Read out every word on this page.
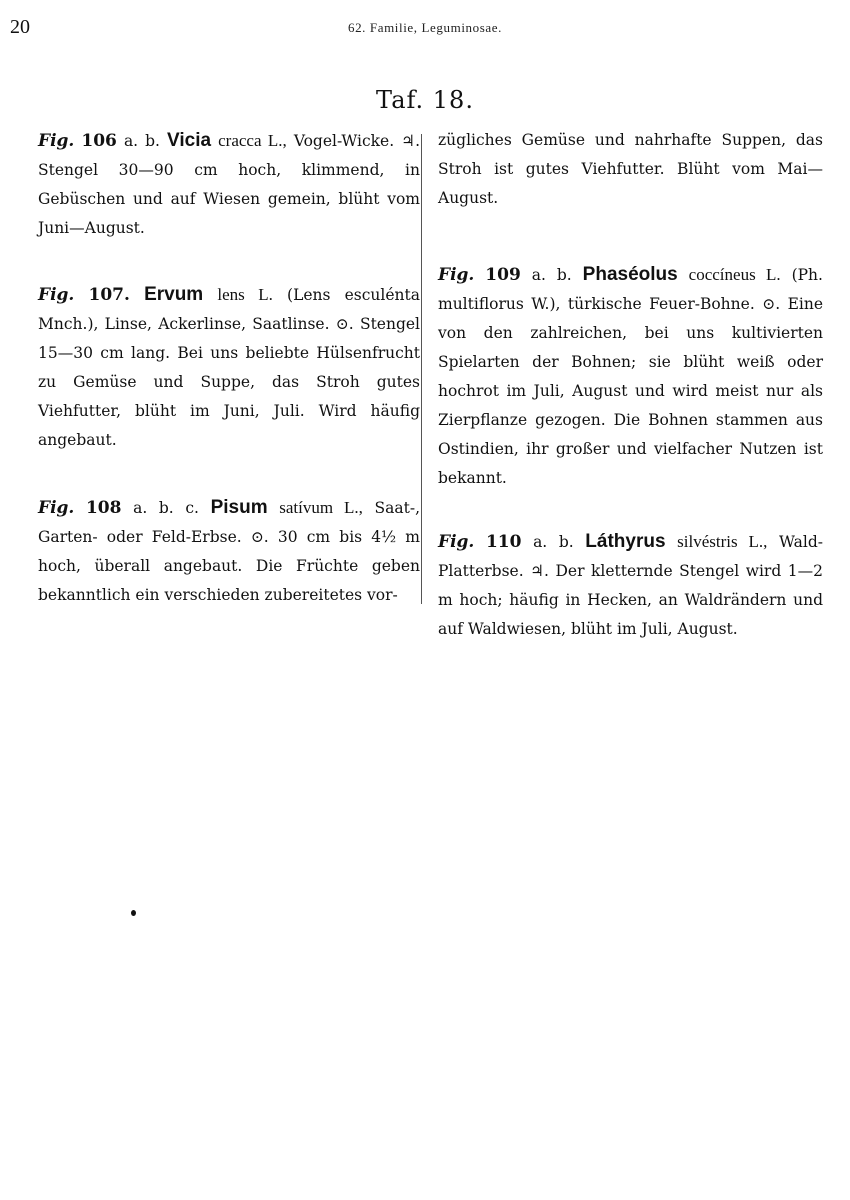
20	62. Familie, Leguminosae.
Taf. 18.

Fig. 106 a. b. Vicia cracca L., Vogel-Wicke. ♃. Stengel 30—90 cm hoch, klimmend, in Gebüschen und auf Wiesen gemein, blüht vom Juni—August.

Fig. 107. Ervum lens L. (Lens esculénta Mnch.), Linse, Ackerlinse, Saatlinse. ⊙. Stengel 15—30 cm lang. Bei uns beliebte Hülsenfrucht zu Gemüse und Suppe, das Stroh gutes Viehfutter, blüht im Juni, Juli. Wird häufig angebaut.

Fig. 108 a. b. c. Pisum satívum L., Saat-, Garten- oder Feld-Erbse. ⊙. 30 cm bis 4½ m hoch, überall angebaut. Die Früchte geben bekanntlich ein verschieden zubereitetes vor-

zügliches Gemüse und nahrhafte Suppen, das Stroh ist gutes Viehfutter. Blüht vom Mai—August.

Fig. 109 a. b. Phaséolus coccíneus L. (Ph. multiflorus W.), türkische Feuer-Bohne. ⊙. Eine von den zahlreichen, bei uns kultivierten Spielarten der Bohnen; sie blüht weiß oder hochrot im Juli, August und wird meist nur als Zierpflanze gezogen. Die Bohnen stammen aus Ostindien, ihr großer und vielfacher Nutzen ist bekannt.

Fig. 110 a. b. Láthyrus silvéstris L., Wald-Platterbse. ♃. Der kletternde Stengel wird 1—2 m hoch; häufig in Hecken, an Waldrändern und auf Waldwiesen, blüht im Juli, August.
